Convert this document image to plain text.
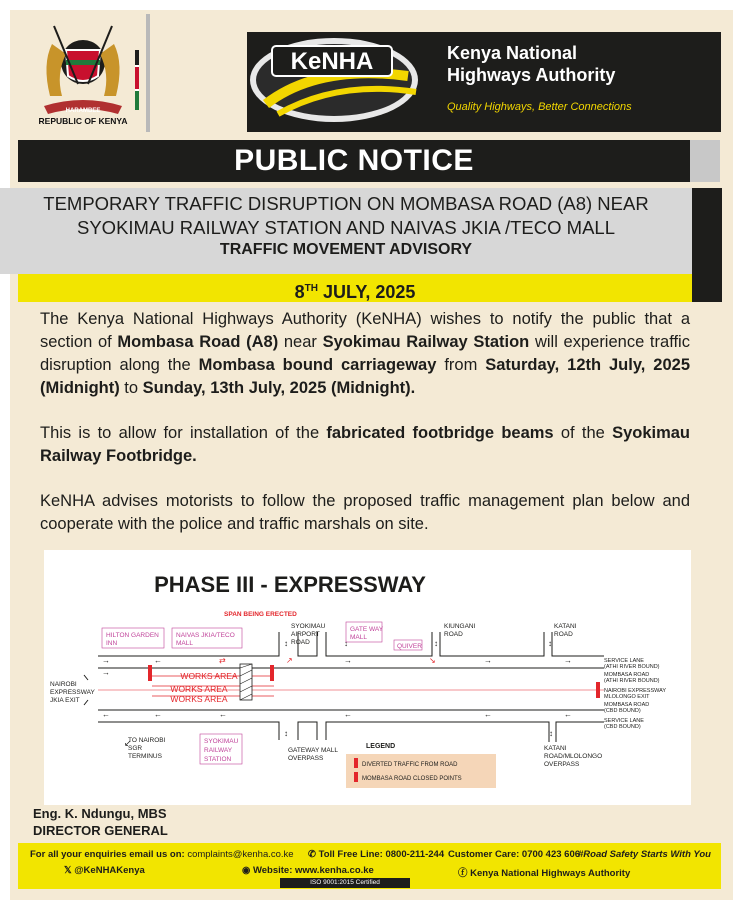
HARAMBEE
REPUBLIC OF KENYA
KeNHA	Kenya National
Highways Authority
Quality Highways, Better Connections
PUBLIC NOTICE
TEMPORARY TRAFFIC DISRUPTION ON MOMBASA ROAD (A8) NEAR
SYOKIMAU RAILWAY STATION AND NAIVAS JKIA /TECO MALL
TRAFFIC MOVEMENT ADVISORY
8TH JULY, 2025

The Kenya National Highways Authority (KeNHA) wishes to notify the public that a section of Mombasa Road (A8) near Syokimau Railway Station will experience traffic disruption along the Mombasa bound carriageway from Saturday, 12th July, 2025 (Midnight) to Sunday, 13th July, 2025 (Midnight).

This is to allow for installation of the fabricated footbridge beams of the Syokimau Railway Footbridge.

KeNHA advises motorists to follow the proposed traffic management plan below and cooperate with the police and traffic marshals on site.

PHASE III - EXPRESSWAY
WORKS AREA
WORKS AREA
WORKS AREA
→
→
←
←
←
⇄
←
↗	→
←
↘	→
←
→
←
↙
↕	↕	↕	↕
↕	↕
SPAN BEING ERECTED
HILTON GARDEN
INN
NAIVAS JKIA/TECO
MALL
SYOKIMAU
AIRPORT
ROAD
GATE WAY
MALL
QUIVER
KIUNGANI
ROAD
KATANI
ROAD
NAIROBI
EXPRESSWAY
JKIA EXIT
TO NAIROBI
SGR
TERMINUS
SYOKIMAU
RAILWAY
STATION
GATEWAY MALL
OVERPASS
KATANI
ROAD/MLOLONGO
OVERPASS
SERVICE LANE
(ATHI RIVER BOUND)
MOMBASA ROAD
(ATHI RIVER BOUND)
NAIROBI EXPRESSWAY
MLOLONGO EXIT
MOMBASA ROAD
(CBD BOUND)
SERVICE LANE
(CBD BOUND)
LEGEND
DIVERTED TRAFFIC FROM ROAD
MOMBASA ROAD CLOSED POINTS
Eng. K. Ndungu, MBS
DIRECTOR GENERAL
For all your enquiries email us on: complaints@kenha.co.ke ✆ Toll Free Line: 0800-211-244 Customer Care: 0700 423 606
#Road Safety Starts With You
𝕏 @KeNHAKenya	◉ Website: www.kenha.co.ke	ⓕ Kenya National Highways Authority
ISO 9001:2015 Certified
